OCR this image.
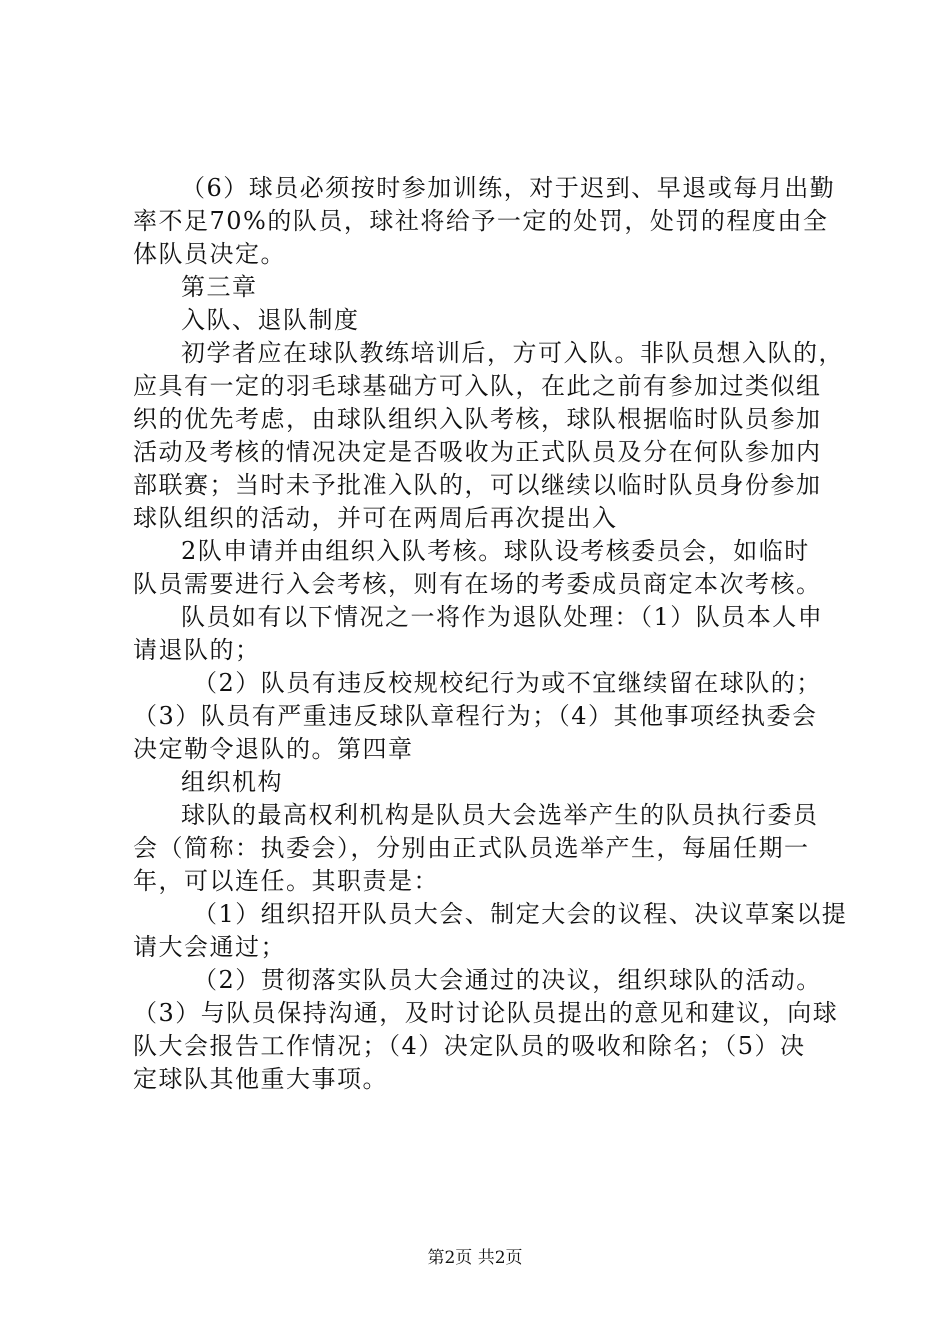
（6）球员必须按时参加训练，对于迟到、早退或每月出勤
率不足70%的队员，球社将给予一定的处罚，处罚的程度由全
体队员决定。
第三章
入队、退队制度
初学者应在球队教练培训后，方可入队。非队员想入队的，
应具有一定的羽毛球基础方可入队，在此之前有参加过类似组
织的优先考虑，由球队组织入队考核，球队根据临时队员参加
活动及考核的情况决定是否吸收为正式队员及分在何队参加内
部联赛；当时未予批准入队的，可以继续以临时队员身份参加
球队组织的活动，并可在两周后再次提出入
2队申请并由组织入队考核。球队设考核委员会，如临时
队员需要进行入会考核，则有在场的考委成员商定本次考核。
队员如有以下情况之一将作为退队处理：（1）队员本人申
请退队的；
（2）队员有违反校规校纪行为或不宜继续留在球队的；
（3）队员有严重违反球队章程行为；（4）其他事项经执委会
决定勒令退队的。第四章
组织机构
球队的最高权利机构是队员大会选举产生的队员执行委员
会（简称：执委会），分别由正式队员选举产生，每届任期一
年，可以连任。其职责是：
（1）组织招开队员大会、制定大会的议程、决议草案以提
请大会通过；
（2）贯彻落实队员大会通过的决议，组织球队的活动。
（3）与队员保持沟通，及时讨论队员提出的意见和建议，向球
队大会报告工作情况；（4）决定队员的吸收和除名；（5）决
定球队其他重大事项。
第2页 共2页
